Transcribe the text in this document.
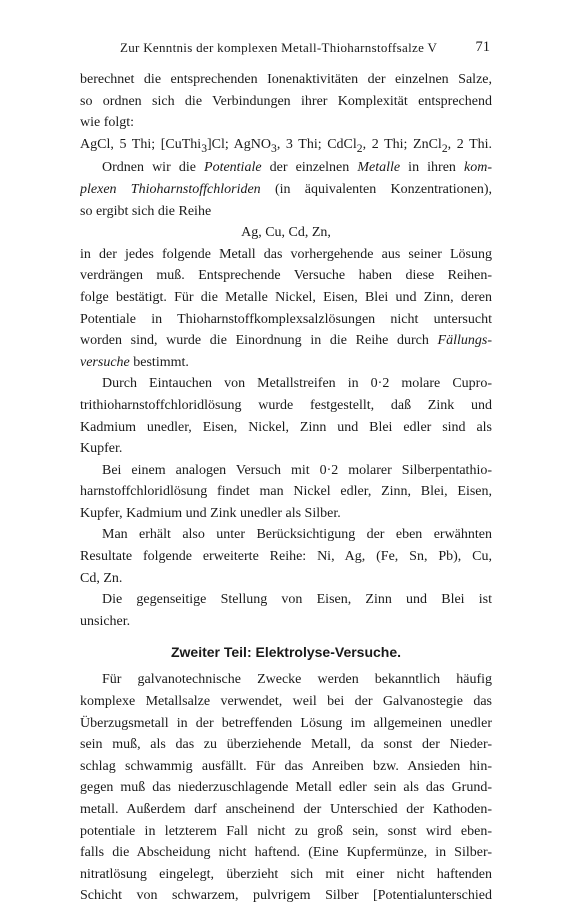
Zur Kenntnis der komplexen Metall-Thioharnstoffsalze V	71
berechnet die entsprechenden Ionenaktivitäten der einzelnen Salze,
so ordnen sich die Verbindungen ihrer Komplexität entsprechend
wie folgt:
AgCl, 5 Thi; [CuThi$_3$]Cl; AgNO$_3$, 3 Thi; CdCl$_2$, 2 Thi; ZnCl$_2$, 2 Thi.
Ordnen wir die Potentiale der einzelnen Metalle in ihren kom-
plexen Thioharnstoffchloriden (in äquivalenten Konzentrationen),
so ergibt sich die Reihe
Ag, Cu, Cd, Zn,
in der jedes folgende Metall das vorhergehende aus seiner Lösung
verdrängen muß. Entsprechende Versuche haben diese Reihen-
folge bestätigt. Für die Metalle Nickel, Eisen, Blei und Zinn, deren
Potentiale in Thioharnstoffkomplexsalzlösungen nicht untersucht
worden sind, wurde die Einordnung in die Reihe durch Fällungs-
versuche bestimmt.
Durch Eintauchen von Metallstreifen in 0·2 molare Cupro-
trithioharnstoffchloridlösung wurde festgestellt, daß Zink und
Kadmium unedler, Eisen, Nickel, Zinn und Blei edler sind als
Kupfer.
Bei einem analogen Versuch mit 0·2 molarer Silberpentathio-
harnstoffchloridlösung findet man Nickel edler, Zinn, Blei, Eisen,
Kupfer, Kadmium und Zink unedler als Silber.
Man erhält also unter Berücksichtigung der eben erwähnten
Resultate folgende erweiterte Reihe: Ni, Ag, (Fe, Sn, Pb), Cu,
Cd, Zn.
Die gegenseitige Stellung von Eisen, Zinn und Blei ist
unsicher.
Zweiter Teil: Elektrolyse-Versuche.
Für galvanotechnische Zwecke werden bekanntlich häufig
komplexe Metallsalze verwendet, weil bei der Galvanostegie das
Überzugsmetall in der betreffenden Lösung im allgemeinen unedler
sein muß, als das zu überziehende Metall, da sonst der Nieder-
schlag schwammig ausfällt. Für das Anreiben bzw. Ansieden hin-
gegen muß das niederzuschlagende Metall edler sein als das Grund-
metall. Außerdem darf anscheinend der Unterschied der Kathoden-
potentiale in letzterem Fall nicht zu groß sein, sonst wird eben-
falls die Abscheidung nicht haftend. (Eine Kupfermünze, in Silber-
nitratlösung eingelegt, überzieht sich mit einer nicht haftenden
Schicht von schwarzem, pulvrigem Silber [Potentialunterschied
